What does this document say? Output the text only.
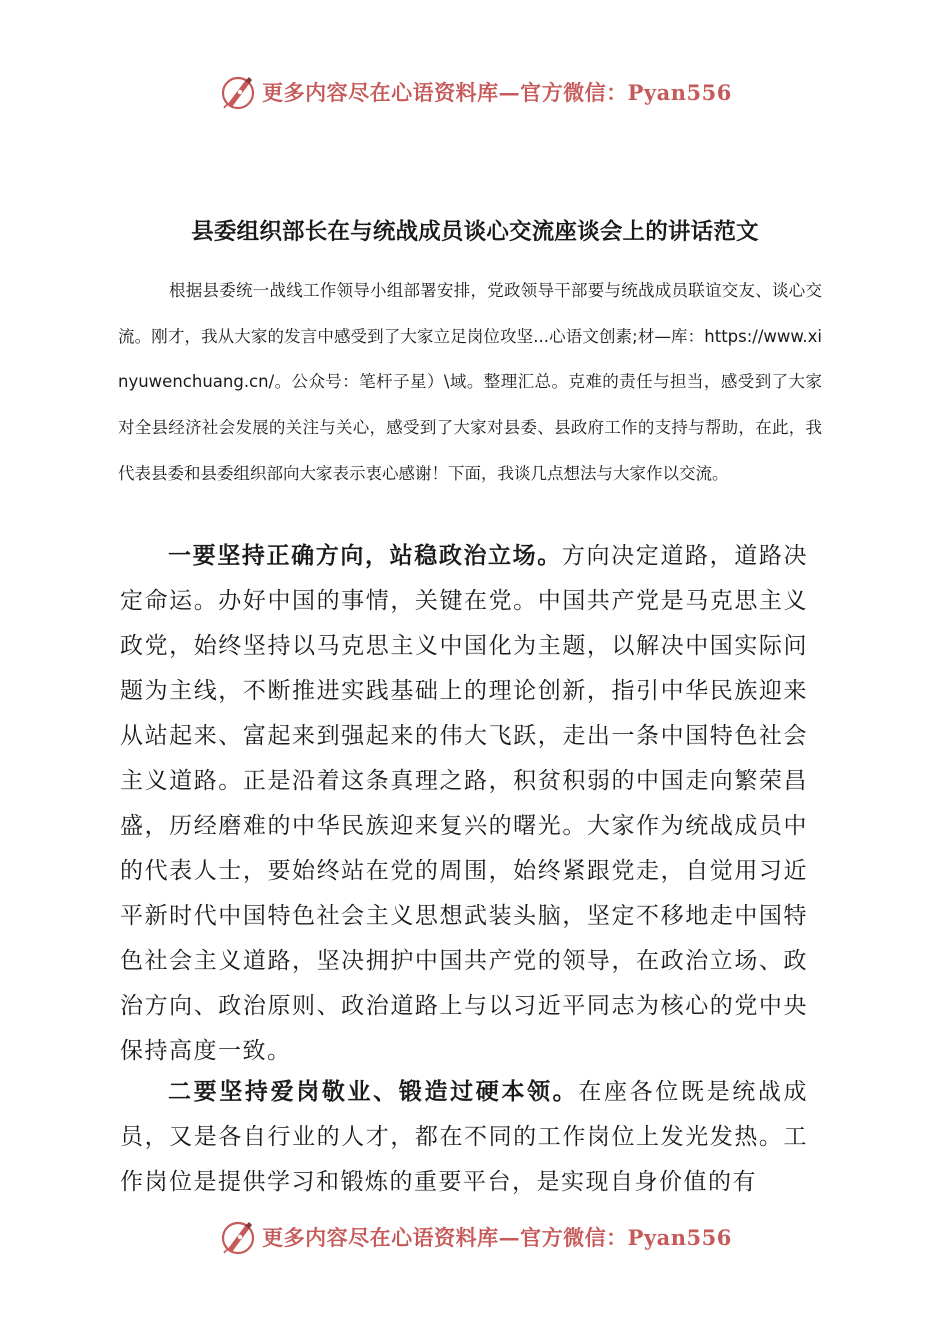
更多内容尽在心语资料库—官方微信：Pyan556
县委组织部长在与统战成员谈心交流座谈会上的讲话范文

根据县委统一战线工作领导小组部署安排，党政领导干部要与统战成员联谊交友、谈心交流。刚才，我从大家的发言中感受到了大家立足岗位攻坚...心语文创素;材—库：https://www.xinyuwenchuang.cn/。公众号：笔杆子星）\域。整理汇总。克难的责任与担当，感受到了大家对全县经济社会发展的关注与关心，感受到了大家对县委、县政府工作的支持与帮助，在此，我代表县委和县委组织部向大家表示衷心感谢！下面，我谈几点想法与大家作以交流。

一要坚持正确方向，站稳政治立场。方向决定道路，道路决定命运。办好中国的事情，关键在党。中国共产党是马克思主义政党，始终坚持以马克思主义中国化为主题，以解决中国实际问题为主线，不断推进实践基础上的理论创新，指引中华民族迎来从站起来、富起来到强起来的伟大飞跃，走出一条中国特色社会主义道路。正是沿着这条真理之路，积贫积弱的中国走向繁荣昌盛，历经磨难的中华民族迎来复兴的曙光。大家作为统战成员中的代表人士，要始终站在党的周围，始终紧跟党走，自觉用习近平新时代中国特色社会主义思想武装头脑，坚定不移地走中国特色社会主义道路，坚决拥护中国共产党的领导，在政治立场、政治方向、政治原则、政治道路上与以习近平同志为核心的党中央保持高度一致。

二要坚持爱岗敬业、锻造过硬本领。在座各位既是统战成员，又是各自行业的人才，都在不同的工作岗位上发光发热。工作岗位是提供学习和锻炼的重要平台，是实现自身价值的有

更多内容尽在心语资料库—官方微信：Pyan556
